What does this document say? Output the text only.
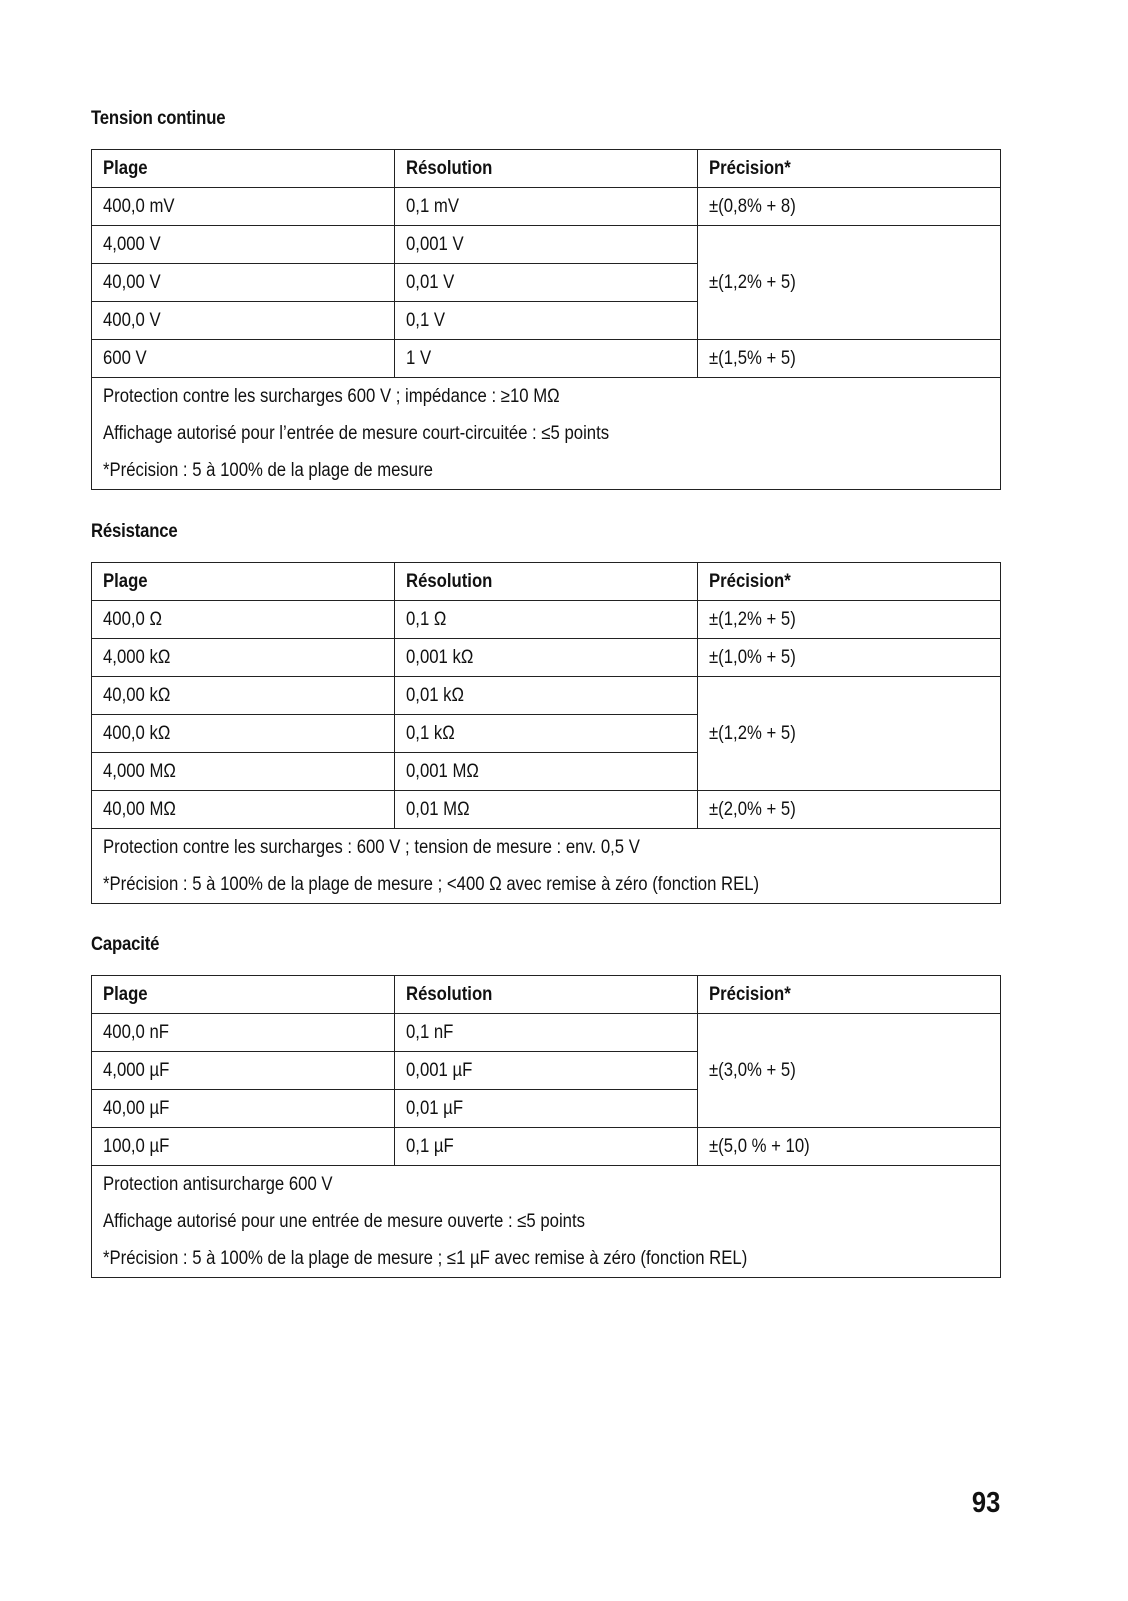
Tension continue
Plage	Résolution	Précision*
400,0 mV	0,1 mV	±(0,8% + 8)
4,000 V	0,001 V	±(1,2% + 5)
40,00 V	0,01 V	
400,0 V	0,1 V	
600 V	1 V	±(1,5% + 5)

Protection contre les surcharges 600 V ; impédance : ≥10 MΩ
Affichage autorisé pour l’entrée de mesure court-circuitée : ≤5 points
*Précision : 5 à 100% de la plage de mesure		
Résistance
Plage	Résolution	Précision*
400,0 Ω	0,1 Ω	±(1,2% + 5)
4,000 kΩ	0,001 kΩ	±(1,0% + 5)
40,00 kΩ	0,01 kΩ	±(1,2% + 5)
400,0 kΩ	0,1 kΩ	
4,000 MΩ	0,001 MΩ	
40,00 MΩ	0,01 MΩ	±(2,0% + 5)

Protection contre les surcharges : 600 V ; tension de mesure : env. 0,5 V
*Précision : 5 à 100% de la plage de mesure ; <400 Ω avec remise à zéro (fonction REL)		
Capacité
Plage	Résolution	Précision*
400,0 nF	0,1 nF	±(3,0% + 5)
4,000 µF	0,001 µF	
40,00 µF	0,01 µF	
100,0 µF	0,1 µF	±(5,0 % + 10)

Protection antisurcharge 600 V
Affichage autorisé pour une entrée de mesure ouverte : ≤5 points
*Précision : 5 à 100% de la plage de mesure ; ≤1 µF avec remise à zéro (fonction REL)		
93
